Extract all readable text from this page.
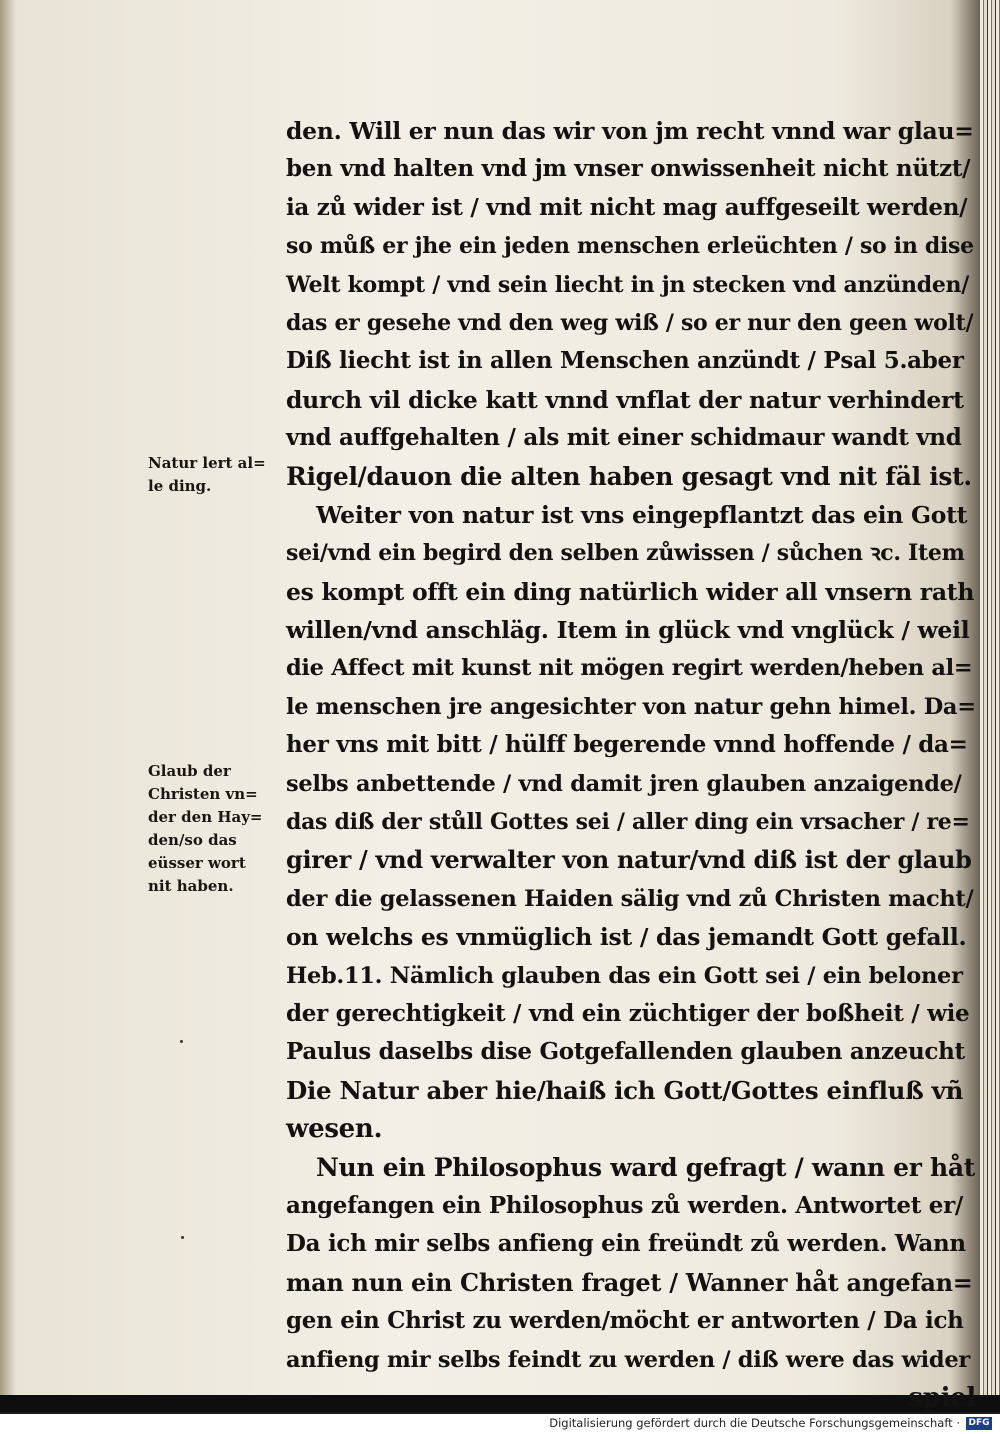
den. Will er nun das wir von jm recht vnnd war glau=
ben vnd halten vnd jm vnser onwissenheit nicht nützt/
ia zů wider ist / vnd mit nicht mag auffgeseilt werden/
so můß er jhe ein jeden menschen erleüchten / so in dise
Welt kompt / vnd sein liecht in jn stecken vnd anzünden/
das er gesehe vnd den weg wiß / so er nur den geen wolt/
Diß liecht ist in allen Menschen anzündt / Psal 5.aber
durch vil dicke katt vnnd vnflat der natur verhindert
vnd auffgehalten / als mit einer schidmaur wandt vnd
Rigel/dauon die alten haben gesagt vnd nit fäl ist.
Weiter von natur ist vns eingepflantzt das ein Gott
sei/vnd ein begird den selben zůwissen / sůchen ꝛc. Item
es kompt offt ein ding natürlich wider all vnsern rath
willen/vnd anschläg. Item in glück vnd vnglück / weil
die Affect mit kunst nit mögen regirt werden/heben al=
le menschen jre angesichter von natur gehn himel. Da=
her vns mit bitt / hülff begerende vnnd hoffende / da=
selbs anbettende / vnd damit jren glauben anzaigende/
das diß der stůll Gottes sei / aller ding ein vrsacher / re=
girer / vnd verwalter von natur/vnd diß ist der glaub
der die gelassenen Haiden sälig vnd zů Christen macht/
on welchs es vnmüglich ist / das jemandt Gott gefall.
Heb.11. Nämlich glauben das ein Gott sei / ein beloner
der gerechtigkeit / vnd ein züchtiger der boßheit / wie
Paulus daselbs dise Gotgefallenden glauben anzeucht
Die Natur aber hie/haiß ich Gott/Gottes einfluß vñ
wesen.
Nun ein Philosophus ward gefragt / wann er håt
angefangen ein Philosophus zů werden. Antwortet er/
Da ich mir selbs anfieng ein freündt zů werden. Wann
man nun ein Christen fraget / Wanner håt angefan=
gen ein Christ zu werden/möcht er antworten / Da ich
anfieng mir selbs feindt zu werden / diß were das wider
spiel
Natur lert al=
le ding.
Glaub der
Christen vn=
der den Hay=
den/so das
eüsser wort
nit haben.
Digitalisierung gefördert durch die Deutsche Forschungsgemeinschaft · DFG
